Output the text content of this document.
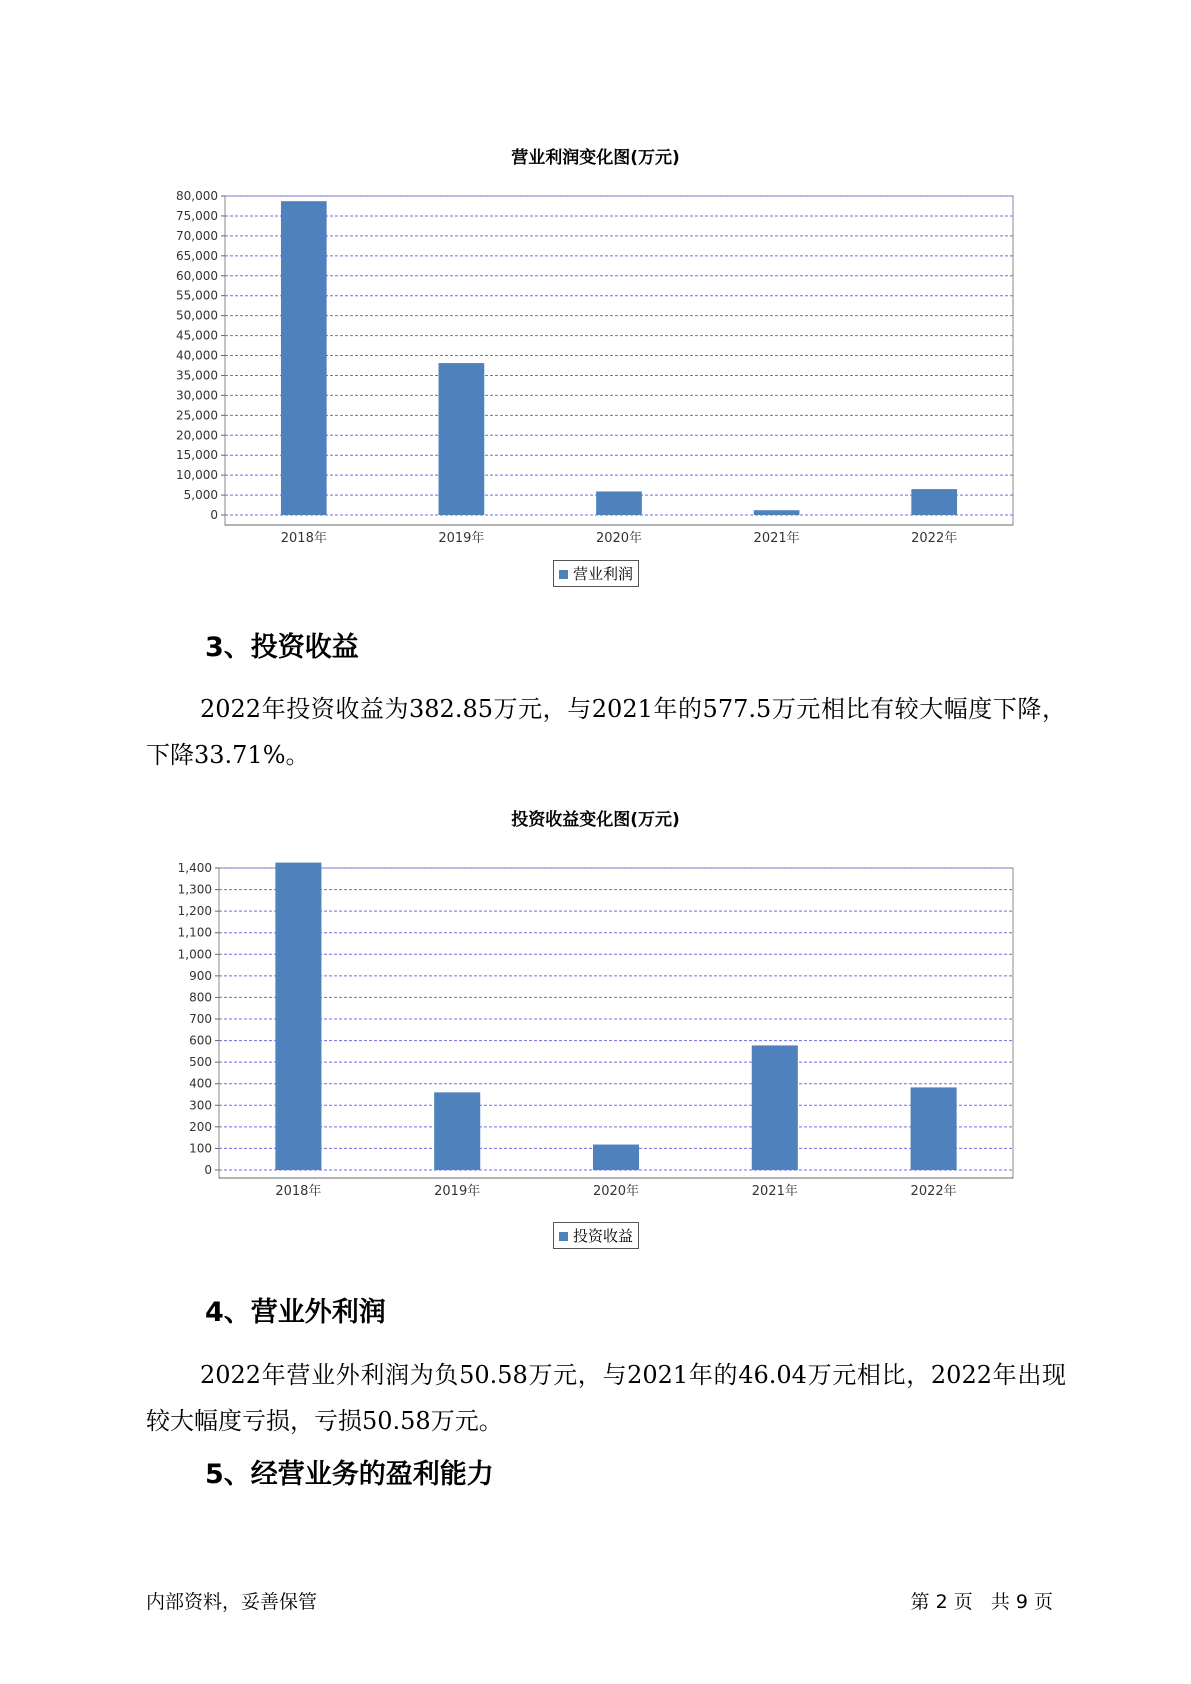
营业利润变化图(万元)
0
5,000
10,000
15,000
20,000
25,000
30,000
35,000
40,000
45,000
50,000
55,000
60,000
65,000
70,000
75,000
80,000
2018年	2019年	2020年	2021年	2022年
营业利润
3、投资收益
2022年投资收益为382.85万元，与2021年的577.5万元相比有较大幅度下降，下降33.71%。
投资收益变化图(万元)
0
100
200
300
400
500
600
700
800
900
1,000
1,100
1,200
1,300
1,400
2018年	2019年	2020年	2021年	2022年
投资收益
4、营业外利润
2022年营业外利润为负50.58万元，与2021年的46.04万元相比，2022年出现较大幅度亏损，亏损50.58万元。
5、经营业务的盈利能力
内部资料，妥善保管	第 2 页   共 9 页
